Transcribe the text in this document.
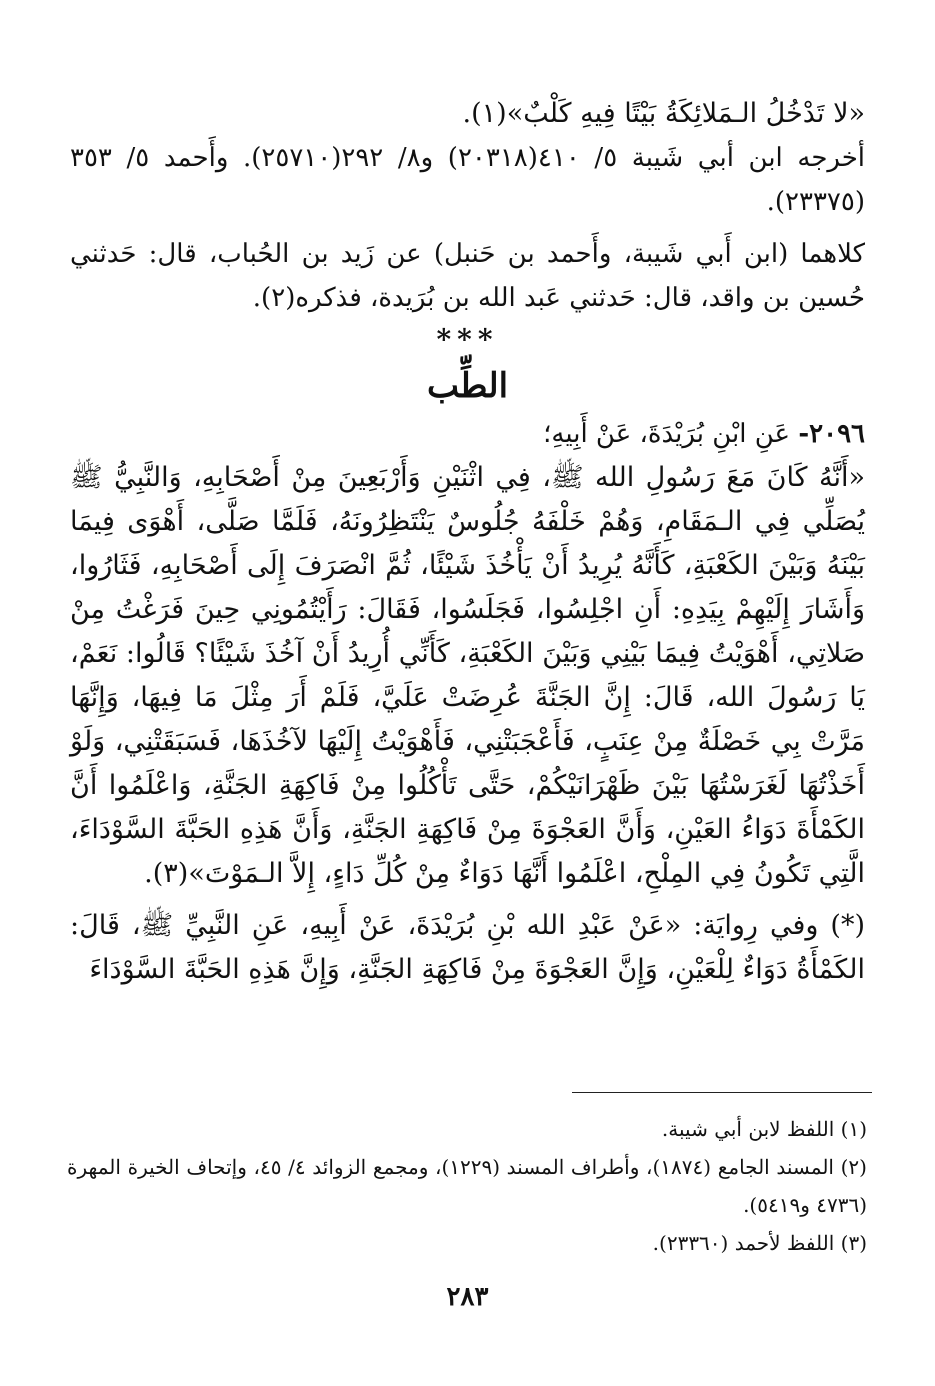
«لا تَدْخُلُ الـمَلائِكَةُ بَيْتًا فِيهِ كَلْبٌ»(١).

أخرجه ابن أبي شَيبة ٥/ ٤١٠(٢٠٣١٨) و٨/ ٢٩٢(٢٥٧١٠). وأَحمد ٥/ ٣٥٣ (٢٣٣٧٥).

كلاهما (ابن أَبي شَيبة، وأَحمد بن حَنبل) عن زَيد بن الحُباب، قال: حَدثني حُسين بن واقد، قال: حَدثني عَبد الله بن بُرَيدة، فذكره(٢).

***

الطِّب

٢٠٩٦- عَنِ ابْنِ بُرَيْدَةَ، عَنْ أَبِيهِ؛

«أَنَّهُ كَانَ مَعَ رَسُولِ الله ﷺ، فِي اثْنَيْنِ وَأَرْبَعِينَ مِنْ أَصْحَابِهِ، وَالنَّبِيُّ ﷺ يُصَلِّي فِي الـمَقَامِ، وَهُمْ خَلْفَهُ جُلُوسٌ يَنْتَظِرُونَهُ، فَلَمَّا صَلَّى، أَهْوَى فِيمَا بَيْنَهُ وَبَيْنَ الكَعْبَةِ، كَأَنَّهُ يُرِيدُ أَنْ يَأْخُذَ شَيْئًا، ثُمَّ انْصَرَفَ إِلَى أَصْحَابِهِ، فَثَارُوا، وَأَشَارَ إِلَيْهِمْ بِيَدِهِ: أَنِ اجْلِسُوا، فَجَلَسُوا، فَقَالَ: رَأَيْتُمُونِي حِينَ فَرَغْتُ مِنْ صَلاتِي، أَهْوَيْتُ فِيمَا بَيْنِي وَبَيْنَ الكَعْبَةِ، كَأَنِّي أُرِيدُ أَنْ آخُذَ شَيْئًا؟ قَالُوا: نَعَمْ، يَا رَسُولَ الله، قَالَ: إِنَّ الجَنَّةَ عُرِضَتْ عَلَيَّ، فَلَمْ أَرَ مِثْلَ مَا فِيهَا، وَإِنَّهَا مَرَّتْ بِي خَصْلَةٌ مِنْ عِنَبٍ، فَأَعْجَبَتْنِي، فَأَهْوَيْتُ إِلَيْهَا لآخُذَهَا، فَسَبَقَتْنِي، وَلَوْ أَخَذْتُهَا لَغَرَسْتُهَا بَيْنَ ظَهْرَانَيْكُمْ، حَتَّى تَأْكُلُوا مِنْ فَاكِهَةِ الجَنَّةِ، وَاعْلَمُوا أَنَّ الكَمْأَةَ دَوَاءُ العَيْنِ، وَأَنَّ العَجْوَةَ مِنْ فَاكِهَةِ الجَنَّةِ، وَأَنَّ هَذِهِ الحَبَّةَ السَّوْدَاءَ، الَّتِي تَكُونُ فِي المِلْحِ، اعْلَمُوا أَنَّهَا دَوَاءٌ مِنْ كُلِّ دَاءٍ، إِلاَّ الـمَوْتَ»(٣).

(*) وفي رِوايَة: «عَنْ عَبْدِ الله بْنِ بُرَيْدَةَ، عَنْ أَبِيهِ، عَنِ النَّبِيِّ ﷺ، قَالَ: الكَمْأَةُ دَوَاءٌ لِلْعَيْنِ، وَإِنَّ العَجْوَةَ مِنْ فَاكِهَةِ الجَنَّةِ، وَإِنَّ هَذِهِ الحَبَّةَ السَّوْدَاءَ

(١) اللفظ لابن أبي شيبة.

(٢) المسند الجامع (١٨٧٤)، وأطراف المسند (١٢٢٩)، ومجمع الزوائد ٤/ ٤٥، وإتحاف الخيرة المهرة (٤٧٣٦ و٥٤١٩).

(٣) اللفظ لأحمد (٢٣٣٦٠).

٢٨٣
